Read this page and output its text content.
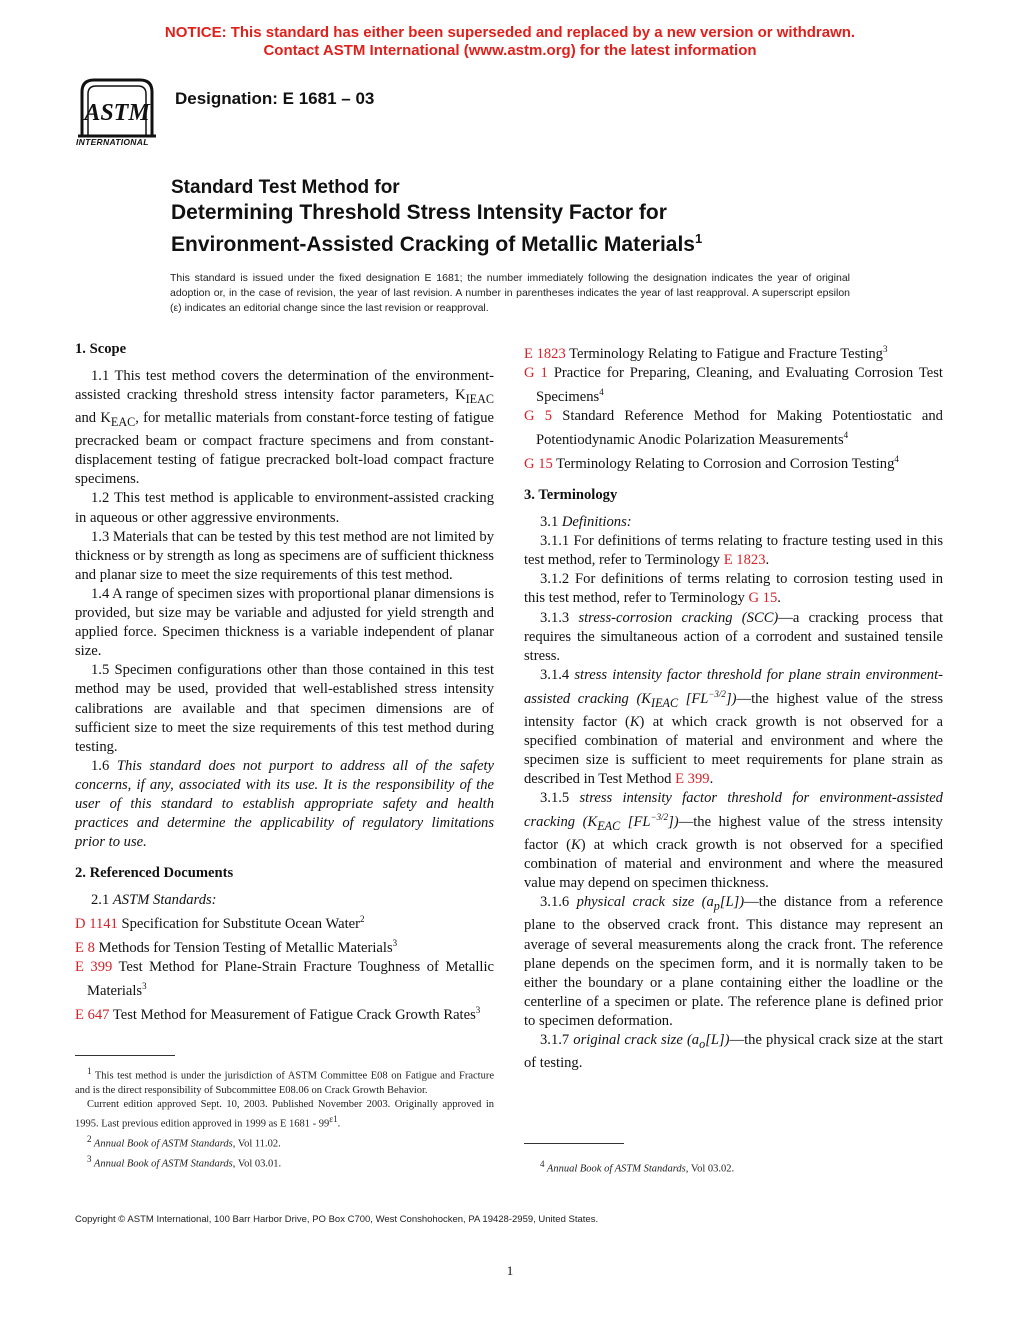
NOTICE: This standard has either been superseded and replaced by a new version or withdrawn.
Contact ASTM International (www.astm.org) for the latest information
ASTM
INTERNATIONAL
Designation: E 1681 – 03
Standard Test Method for
Determining Threshold Stress Intensity Factor for
Environment-Assisted Cracking of Metallic Materials$^1$
This standard is issued under the fixed designation E 1681; the number immediately following the designation indicates the year of original adoption or, in the case of revision, the year of last revision. A number in parentheses indicates the year of last reapproval. A superscript epsilon (ε) indicates an editorial change since the last revision or reapproval.
1. Scope

1.1 This test method covers the determination of the environment-assisted cracking threshold stress intensity factor parameters, $K_{IEAC}$ and $K_{EAC}$, for metallic materials from constant-force testing of fatigue precracked beam or compact fracture specimens and from constant-displacement testing of fatigue precracked bolt-load compact fracture specimens.

1.2 This test method is applicable to environment-assisted cracking in aqueous or other aggressive environments.

1.3 Materials that can be tested by this test method are not limited by thickness or by strength as long as specimens are of sufficient thickness and planar size to meet the size requirements of this test method.

1.4 A range of specimen sizes with proportional planar dimensions is provided, but size may be variable and adjusted for yield strength and applied force. Specimen thickness is a variable independent of planar size.

1.5 Specimen configurations other than those contained in this test method may be used, provided that well-established stress intensity calibrations are available and that specimen dimensions are of sufficient size to meet the size requirements of this test method during testing.

1.6 This standard does not purport to address all of the safety concerns, if any, associated with its use. It is the responsibility of the user of this standard to establish appropriate safety and health practices and determine the applicability of regulatory limitations prior to use.

2. Referenced Documents

2.1 ASTM Standards:

D 1141 Specification for Substitute Ocean Water$^2$

E 8 Methods for Tension Testing of Metallic Materials$^3$

E 399 Test Method for Plane-Strain Fracture Toughness of Metallic Materials$^3$

E 647 Test Method for Measurement of Fatigue Crack Growth Rates$^3$

$^1$ This test method is under the jurisdiction of ASTM Committee E08 on Fatigue and Fracture and is the direct responsibility of Subcommittee E08.06 on Crack Growth Behavior.

Current edition approved Sept. 10, 2003. Published November 2003. Originally approved in 1995. Last previous edition approved in 1999 as E 1681 - 99$^{\varepsilon 1}$.

$^2$ Annual Book of ASTM Standards, Vol 11.02.

$^3$ Annual Book of ASTM Standards, Vol 03.01.

E 1823 Terminology Relating to Fatigue and Fracture Testing$^3$

G 1 Practice for Preparing, Cleaning, and Evaluating Corrosion Test Specimens$^4$

G 5 Standard Reference Method for Making Potentiostatic and Potentiodynamic Anodic Polarization Measurements$^4$

G 15 Terminology Relating to Corrosion and Corrosion Testing$^4$

3. Terminology

3.1 Definitions:

3.1.1 For definitions of terms relating to fracture testing used in this test method, refer to Terminology E 1823.

3.1.2 For definitions of terms relating to corrosion testing used in this test method, refer to Terminology G 15.

3.1.3 stress-corrosion cracking (SCC)—a cracking process that requires the simultaneous action of a corrodent and sustained tensile stress.

3.1.4 stress intensity factor threshold for plane strain environment-assisted cracking ($K_{IEAC}$ [FL$^{-3/2}$])—the highest value of the stress intensity factor (K) at which crack growth is not observed for a specified combination of material and environment and where the specimen size is sufficient to meet requirements for plane strain as described in Test Method E 399.

3.1.5 stress intensity factor threshold for environment-assisted cracking ($K_{EAC}$ [FL$^{-3/2}$])—the highest value of the stress intensity factor (K) at which crack growth is not observed for a specified combination of material and environment and where the measured value may depend on specimen thickness.

3.1.6 physical crack size $(a_p[L])—the$ distance from a reference plane to the observed crack front. This distance may represent an average of several measurements along the crack front. The reference plane depends on the specimen form, and it is normally taken to be either the boundary or a plane containing either the loadline or the centerline of a specimen or plate. The reference plane is defined prior to specimen deformation.

3.1.7 original crack size $(a_o[L])—the$ physical crack size at the start of testing.

$^4$ Annual Book of ASTM Standards, Vol 03.02.
Copyright © ASTM International, 100 Barr Harbor Drive, PO Box C700, West Conshohocken, PA 19428-2959, United States.
1
